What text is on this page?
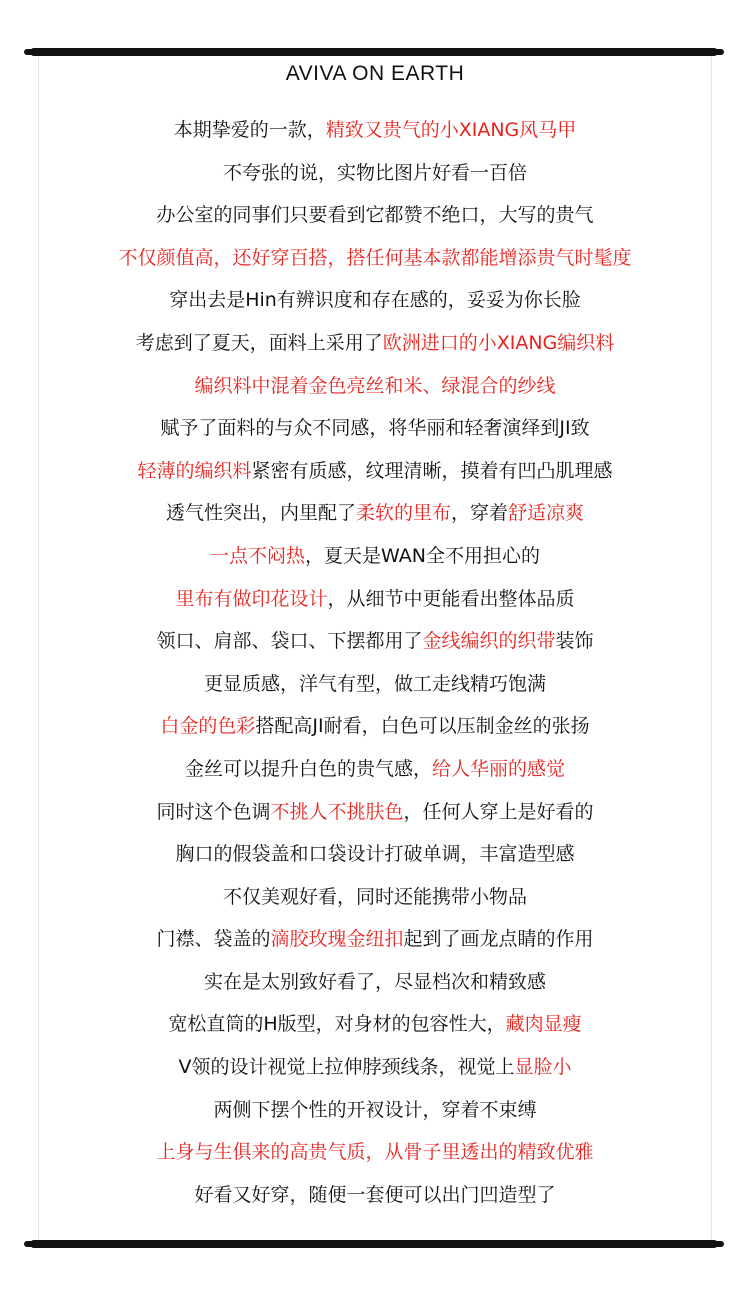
AVIVA ON EARTH
本期挚爱的一款，精致又贵气的小XIANG风马甲
不夸张的说，实物比图片好看一百倍
办公室的同事们只要看到它都赞不绝口，大写的贵气
不仅颜值高，还好穿百搭，搭任何基本款都能增添贵气时髦度
穿出去是Hin有辨识度和存在感的，妥妥为你长脸
考虑到了夏天，面料上采用了欧洲进口的小XIANG编织料
编织料中混着金色亮丝和米、绿混合的纱线
赋予了面料的与众不同感，将华丽和轻奢演绎到JI致
轻薄的编织料紧密有质感，纹理清晰，摸着有凹凸肌理感
透气性突出，内里配了柔软的里布，穿着舒适凉爽
一点不闷热，夏天是WAN全不用担心的
里布有做印花设计，从细节中更能看出整体品质
领口、肩部、袋口、下摆都用了金线编织的织带装饰
更显质感，洋气有型，做工走线精巧饱满
白金的色彩搭配高JI耐看，白色可以压制金丝的张扬
金丝可以提升白色的贵气感，给人华丽的感觉
同时这个色调不挑人不挑肤色，任何人穿上是好看的
胸口的假袋盖和口袋设计打破单调，丰富造型感
不仅美观好看，同时还能携带小物品
门襟、袋盖的滴胶玫瑰金纽扣起到了画龙点睛的作用
实在是太别致好看了，尽显档次和精致感
宽松直筒的H版型，对身材的包容性大，藏肉显瘦
V领的设计视觉上拉伸脖颈线条，视觉上显脸小
两侧下摆个性的开衩设计，穿着不束缚
上身与生俱来的高贵气质，从骨子里透出的精致优雅
好看又好穿，随便一套便可以出门凹造型了
